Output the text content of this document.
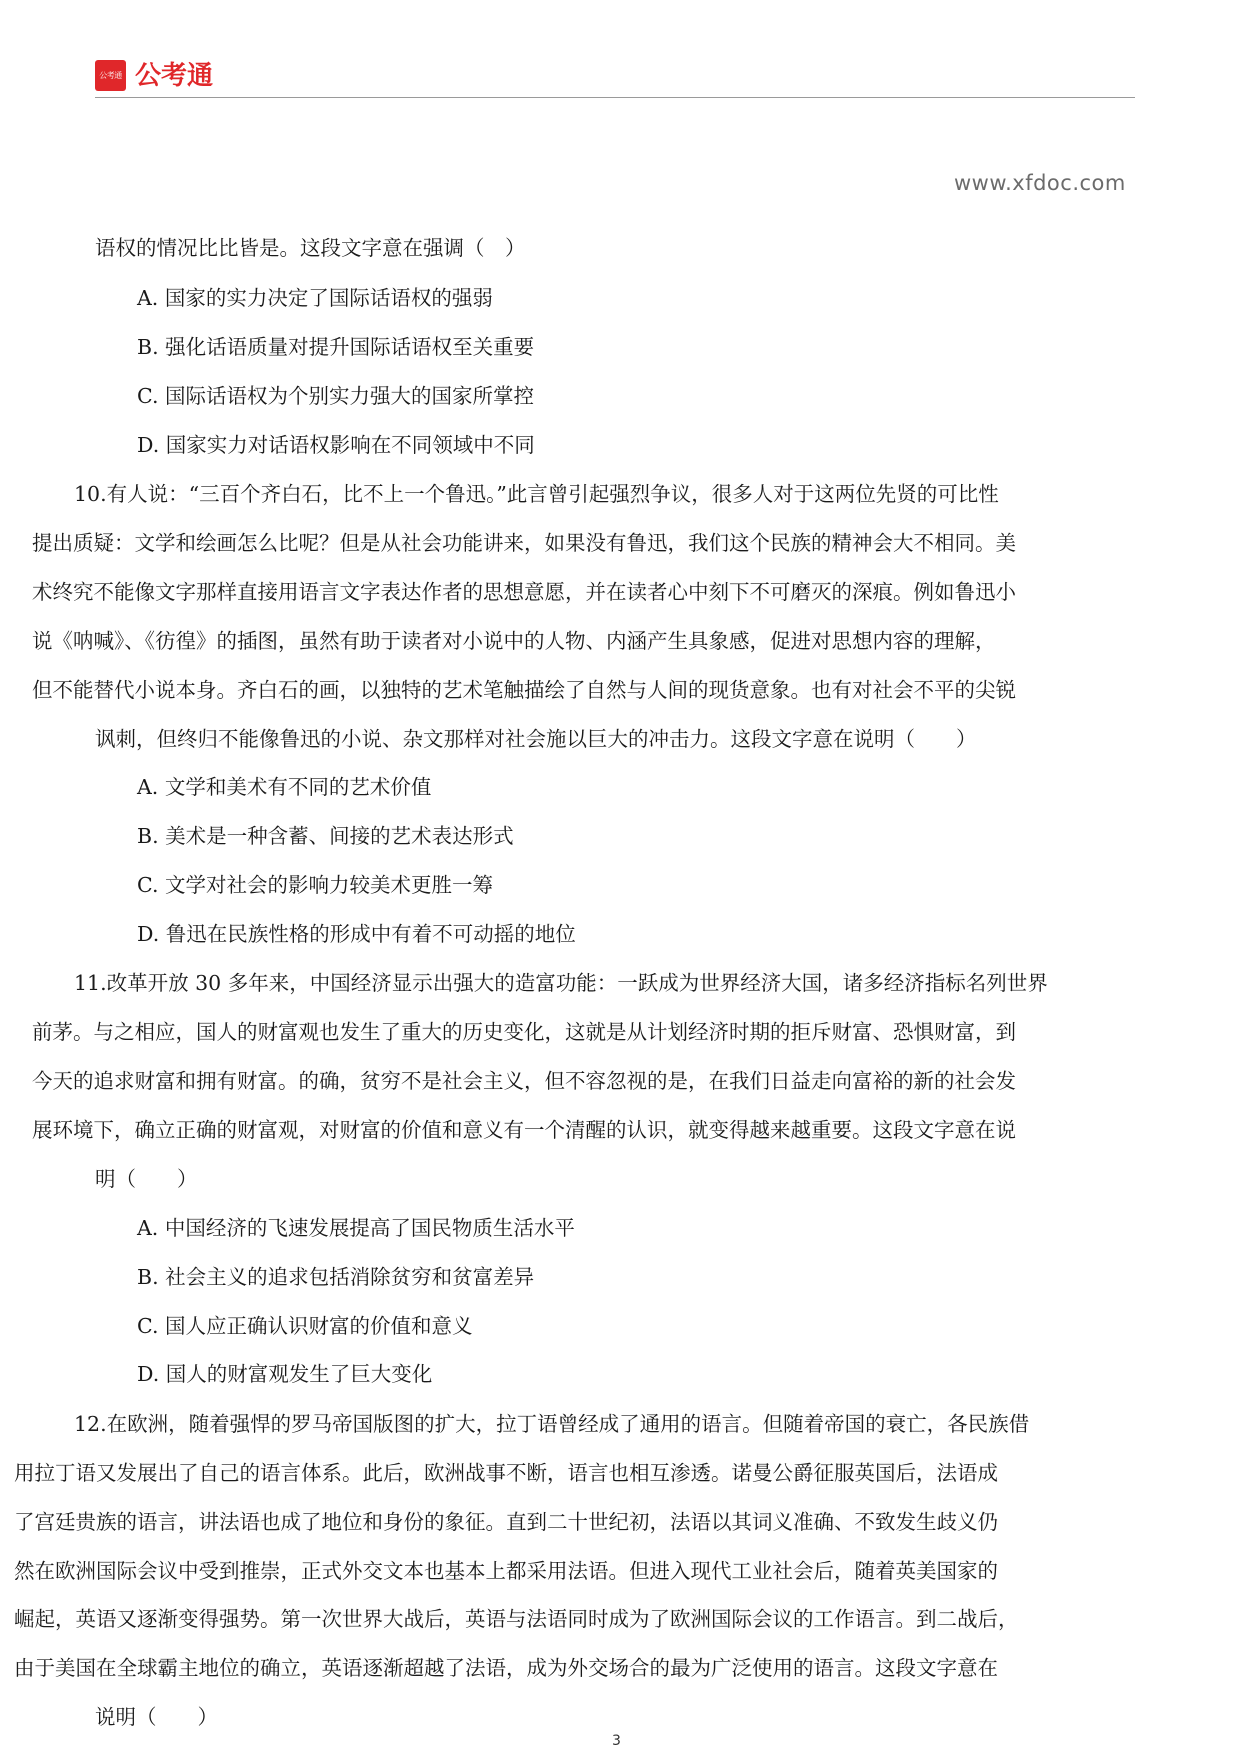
公考通 公考通
www.xfdoc.com
语权的情况比比皆是。这段文字意在强调（　）
A. 国家的实力决定了国际话语权的强弱
B. 强化话语质量对提升国际话语权至关重要
C. 国际话语权为个别实力强大的国家所掌控
D. 国家实力对话语权影响在不同领域中不同
10.有人说：“三百个齐白石，比不上一个鲁迅。”此言曾引起强烈争议，很多人对于这两位先贤的可比性
提出质疑：文学和绘画怎么比呢？但是从社会功能讲来，如果没有鲁迅，我们这个民族的精神会大不相同。美
术终究不能像文字那样直接用语言文字表达作者的思想意愿，并在读者心中刻下不可磨灭的深痕。例如鲁迅小
说《呐喊》、《彷徨》的插图，虽然有助于读者对小说中的人物、内涵产生具象感，促进对思想内容的理解，
但不能替代小说本身。齐白石的画，以独特的艺术笔触描绘了自然与人间的现货意象。也有对社会不平的尖锐
讽刺，但终归不能像鲁迅的小说、杂文那样对社会施以巨大的冲击力。这段文字意在说明（　　）
A. 文学和美术有不同的艺术价值
B. 美术是一种含蓄、间接的艺术表达形式
C. 文学对社会的影响力较美术更胜一筹
D. 鲁迅在民族性格的形成中有着不可动摇的地位
11.改革开放 30 多年来，中国经济显示出强大的造富功能：一跃成为世界经济大国，诸多经济指标名列世界
前茅。与之相应，国人的财富观也发生了重大的历史变化，这就是从计划经济时期的拒斥财富、恐惧财富，到
今天的追求财富和拥有财富。的确，贫穷不是社会主义，但不容忽视的是，在我们日益走向富裕的新的社会发
展环境下，确立正确的财富观，对财富的价值和意义有一个清醒的认识，就变得越来越重要。这段文字意在说
明（　　）
A. 中国经济的飞速发展提高了国民物质生活水平
B. 社会主义的追求包括消除贫穷和贫富差异
C. 国人应正确认识财富的价值和意义
D. 国人的财富观发生了巨大变化
12.在欧洲，随着强悍的罗马帝国版图的扩大，拉丁语曾经成了通用的语言。但随着帝国的衰亡，各民族借
用拉丁语又发展出了自己的语言体系。此后，欧洲战事不断，语言也相互渗透。诺曼公爵征服英国后，法语成
了宫廷贵族的语言，讲法语也成了地位和身份的象征。直到二十世纪初，法语以其词义准确、不致发生歧义仍
然在欧洲国际会议中受到推崇，正式外交文本也基本上都采用法语。但进入现代工业社会后，随着英美国家的
崛起，英语又逐渐变得强势。第一次世界大战后，英语与法语同时成为了欧洲国际会议的工作语言。到二战后，
由于美国在全球霸主地位的确立，英语逐渐超越了法语，成为外交场合的最为广泛使用的语言。这段文字意在
说明（　　）
3
